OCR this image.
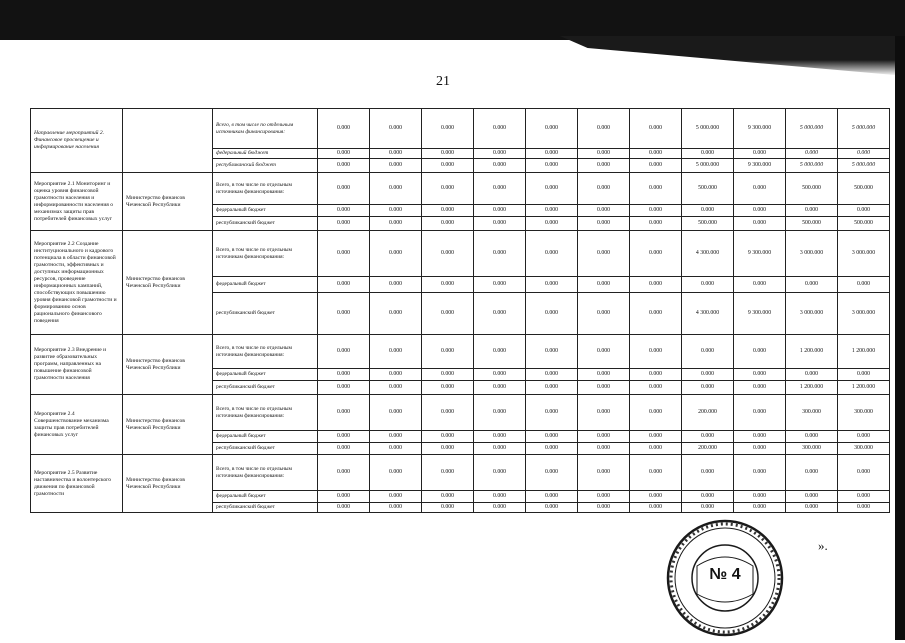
21
Направление мероприятий 2. Финансовое просвещение и информирование населения		Всего, в том числе по отдельным источникам финансирования:	0.000	0.000	0.000	0.000	0.000	0.000	0.000	5 000.000	9 300.000	5 000.000	5 000.000
		федеральный бюджет	0.000	0.000	0.000	0.000	0.000	0.000	0.000	0.000	0.000	0.000	0.000
		республиканский бюджет	0.000	0.000	0.000	0.000	0.000	0.000	0.000	5 000.000	9 300.000	5 000.000	5 000.000
Мероприятие 2.1 Мониторинг и оценка уровня финансовой грамотности населения и информированности населения о механизмах защиты прав потребителей финансовых услуг	Министерство финансов Чеченской Республики	Всего, в том числе по отдельным источникам финансирования:	0.000	0.000	0.000	0.000	0.000	0.000	0.000	500.000	0.000	500.000	500.000
		федеральный бюджет	0.000	0.000	0.000	0.000	0.000	0.000	0.000	0.000	0.000	0.000	0.000
		республиканский бюджет	0.000	0.000	0.000	0.000	0.000	0.000	0.000	500.000	0.000	500.000	500.000
Мероприятие 2.2 Создание институционального и кадрового потенциала в области финансовой грамотности, эффективных и доступных информационных ресурсов, проведение информационных кампаний, способствующих повышению уровня финансовой грамотности и формированию основ рационального финансового поведения	Министерство финансов Чеченской Республики	Всего, в том числе по отдельным источникам финансирования:	0.000	0.000	0.000	0.000	0.000	0.000	0.000	4 300.000	9 300.000	3 000.000	3 000.000
		федеральный бюджет	0.000	0.000	0.000	0.000	0.000	0.000	0.000	0.000	0.000	0.000	0.000
		республиканский бюджет	0.000	0.000	0.000	0.000	0.000	0.000	0.000	4 300.000	9 300.000	3 000.000	3 000.000
Мероприятие 2.3 Внедрение и развитие образовательных программ, направленных на повышение финансовой грамотности населения	Министерство финансов Чеченской Республики	Всего, в том числе по отдельным источникам финансирования:	0.000	0.000	0.000	0.000	0.000	0.000	0.000	0.000	0.000	1 200.000	1 200.000
		федеральный бюджет	0.000	0.000	0.000	0.000	0.000	0.000	0.000	0.000	0.000	0.000	0.000
		республиканский бюджет	0.000	0.000	0.000	0.000	0.000	0.000	0.000	0.000	0.000	1 200.000	1 200.000
Мероприятие 2.4 Совершенствование механизма защиты прав потребителей финансовых услуг	Министерство финансов Чеченской Республики	Всего, в том числе по отдельным источникам финансирования:	0.000	0.000	0.000	0.000	0.000	0.000	0.000	200.000	0.000	300.000	300.000
		федеральный бюджет	0.000	0.000	0.000	0.000	0.000	0.000	0.000	0.000	0.000	0.000	0.000
		республиканский бюджет	0.000	0.000	0.000	0.000	0.000	0.000	0.000	200.000	0.000	300.000	300.000
Мероприятие 2.5 Развитие наставничества и волонтерского движения по финансовой грамотности	Министерство финансов Чеченской Республики	Всего, в том числе по отдельным источникам финансирования:	0.000	0.000	0.000	0.000	0.000	0.000	0.000	0.000	0.000	0.000	0.000
		федеральный бюджет	0.000	0.000	0.000	0.000	0.000	0.000	0.000	0.000	0.000	0.000	0.000
		республиканский бюджет	0.000	0.000	0.000	0.000	0.000	0.000	0.000	0.000	0.000	0.000	0.000
№ 4
».
